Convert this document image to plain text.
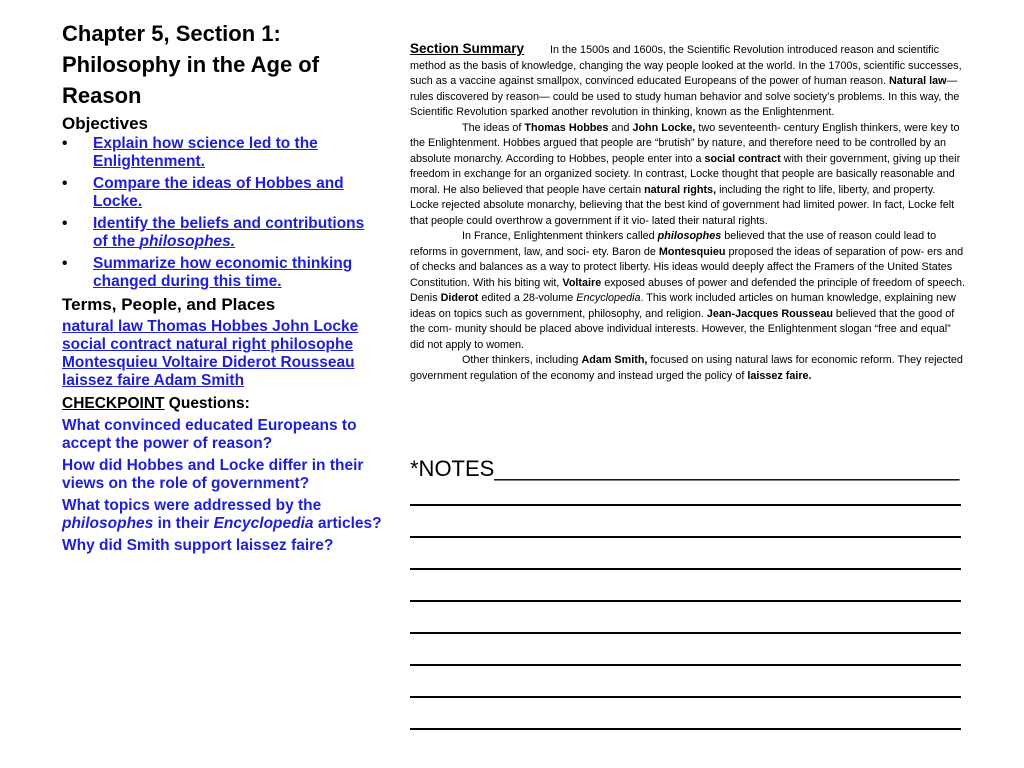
Chapter 5, Section 1: Philosophy in the Age of Reason
Objectives
• Explain how science led to the Enlightenment.
• Compare the ideas of Hobbes and Locke.
• Identify the beliefs and contributions of the philosophes.
• Summarize how economic thinking changed during this time.
Terms, People, and Places
natural law Thomas Hobbes John Locke social contract natural right philosophe Montesquieu Voltaire Diderot Rousseau laissez faire Adam Smith
CHECKPOINT Questions:
What convinced educated Europeans to accept the power of reason?
How did Hobbes and Locke differ in their views on the role of government?
What topics were addressed by the philosophes in their Encyclopedia articles?
Why did Smith support laissez faire?

Section Summary In the 1500s and 1600s, the Scientific Revolution introduced reason and scientific method as the basis of knowledge, changing the way people looked at the world. In the 1700s, scientific successes, such as a vaccine against smallpox, convinced educated Europeans of the power of human reason. Natural law—rules discovered by reason— could be used to study human behavior and solve society’s problems. In this way, the Scientific Revolution sparked another revolution in thinking, known as the Enlightenment.

The ideas of Thomas Hobbes and John Locke, two seventeenth- century English thinkers, were key to the Enlightenment. Hobbes argued that people are “brutish” by nature, and therefore need to be controlled by an absolute monarchy. According to Hobbes, people enter into a social contract with their government, giving up their freedom in exchange for an organized society. In contrast, Locke thought that people are basically reasonable and moral. He also believed that people have certain natural rights, including the right to life, liberty, and property. Locke rejected absolute monarchy, believing that the best kind of government had limited power. In fact, Locke felt that people could overthrow a government if it vio- lated their natural rights.

In France, Enlightenment thinkers called philosophes believed that the use of reason could lead to reforms in government, law, and soci- ety. Baron de Montesquieu proposed the ideas of separation of pow- ers and of checks and balances as a way to protect liberty. His ideas would deeply affect the Framers of the United States Constitution. With his biting wit, Voltaire exposed abuses of power and defended the principle of freedom of speech. Denis Diderot edited a 28-volume Encyclopedia. This work included articles on human knowledge, explaining new ideas on topics such as government, philosophy, and religion. Jean-Jacques Rousseau believed that the good of the com- munity should be placed above individual interests. However, the Enlightenment slogan “free and equal” did not apply to women.

Other thinkers, including Adam Smith, focused on using natural laws for economic reform. They rejected government regulation of the economy and instead urged the policy of laissez faire.

*NOTES______________________________________
